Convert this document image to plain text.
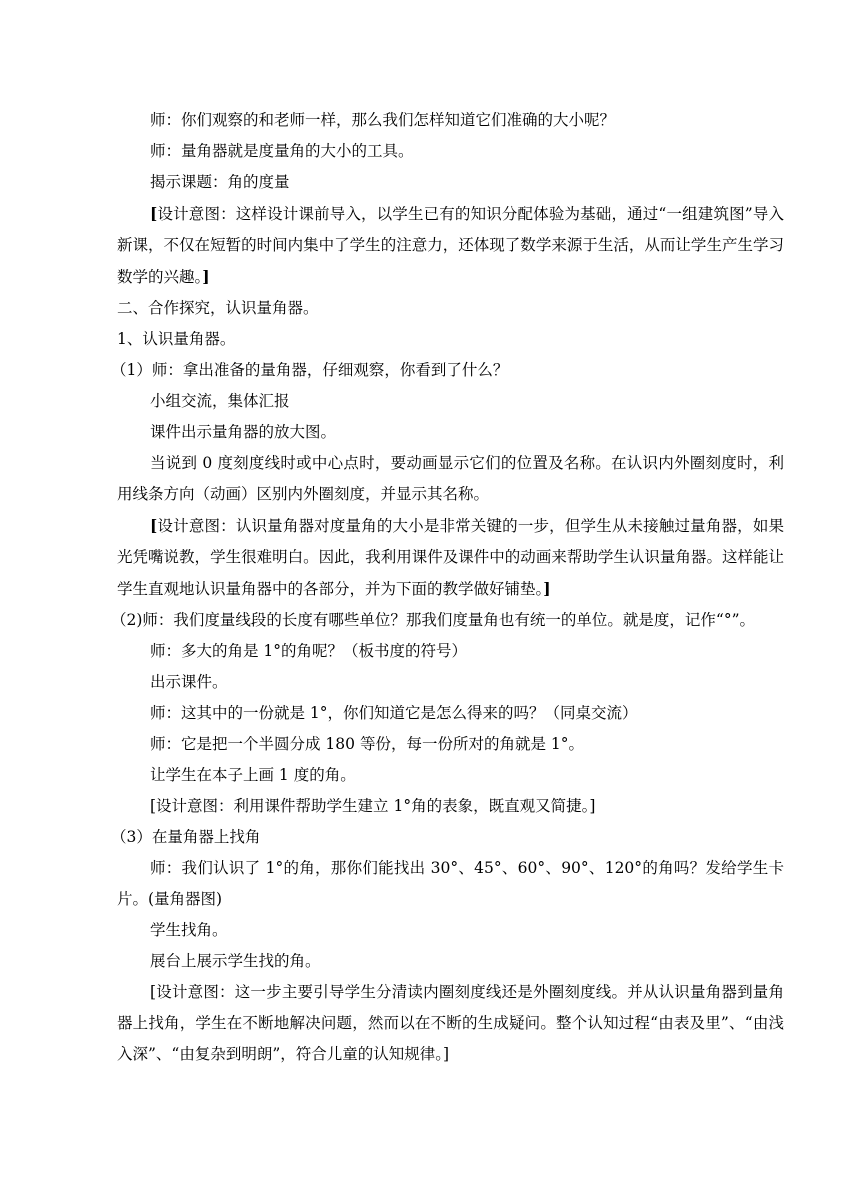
师：你们观察的和老师一样，那么我们怎样知道它们准确的大小呢？

师：量角器就是度量角的大小的工具。

揭示课题：角的度量

[设计意图：这样设计课前导入，以学生已有的知识分配体验为基础，通过“一组建筑图”导入新课，不仅在短暂的时间内集中了学生的注意力，还体现了数学来源于生活，从而让学生产生学习数学的兴趣。]

二、合作探究，认识量角器。

1、认识量角器。

（1）师：拿出准备的量角器，仔细观察，你看到了什么？

小组交流，集体汇报

课件出示量角器的放大图。

当说到 0 度刻度线时或中心点时，要动画显示它们的位置及名称。在认识内外圈刻度时，利用线条方向（动画）区别内外圈刻度，并显示其名称。

[设计意图：认识量角器对度量角的大小是非常关键的一步，但学生从未接触过量角器，如果光凭嘴说教，学生很难明白。因此，我利用课件及课件中的动画来帮助学生认识量角器。这样能让学生直观地认识量角器中的各部分，并为下面的教学做好铺垫。]

（2)师：我们度量线段的长度有哪些单位？那我们度量角也有统一的单位。就是度，记作“°”。

师：多大的角是 1°的角呢？（板书度的符号）

出示课件。

师：这其中的一份就是 1°，你们知道它是怎么得来的吗？（同桌交流）

师：它是把一个半圆分成 180 等份，每一份所对的角就是 1°。

让学生在本子上画 1 度的角。

[设计意图：利用课件帮助学生建立 1°角的表象，既直观又简捷。]

（3）在量角器上找角

师：我们认识了 1°的角，那你们能找出 30°、45°、60°、90°、120°的角吗？发给学生卡片。(量角器图)

学生找角。

展台上展示学生找的角。

[设计意图：这一步主要引导学生分清读内圈刻度线还是外圈刻度线。并从认识量角器到量角器上找角，学生在不断地解决问题，然而以在不断的生成疑问。整个认知过程“由表及里”、“由浅入深”、“由复杂到明朗”，符合儿童的认知规律。]
